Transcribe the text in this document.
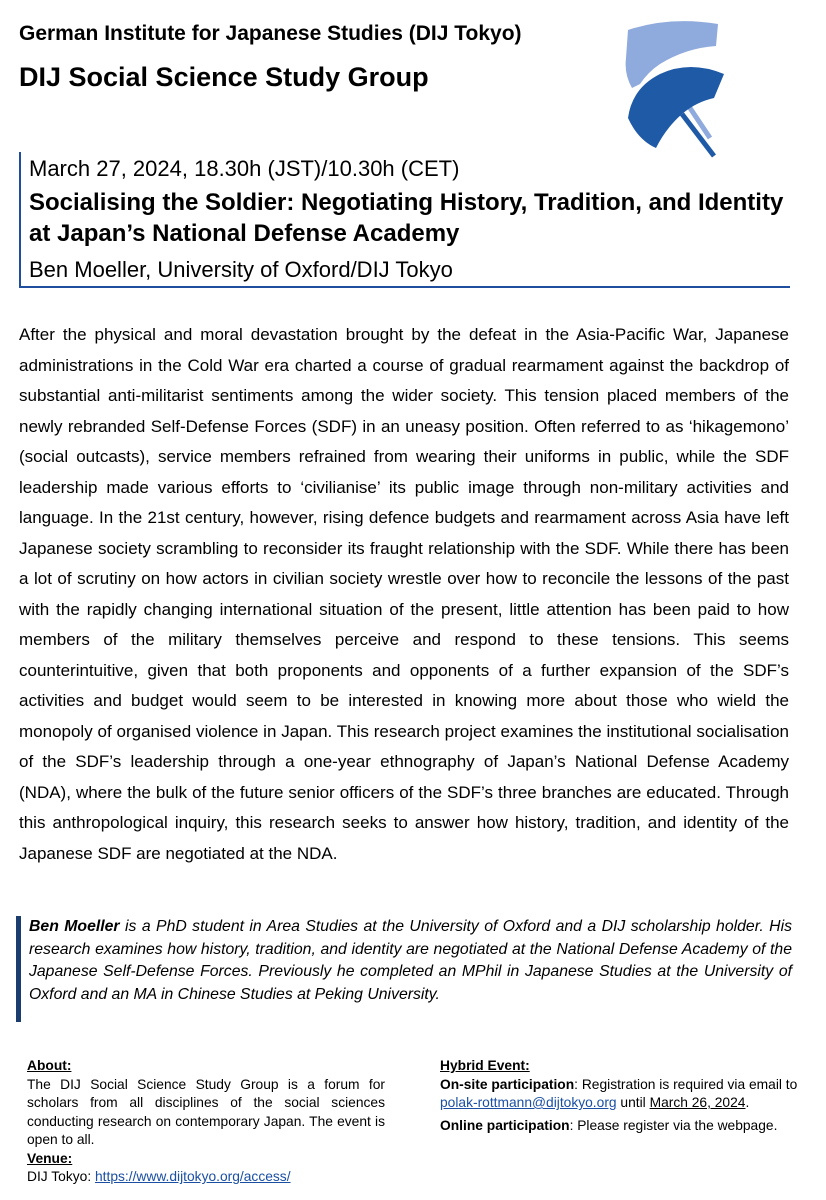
German Institute for Japanese Studies (DIJ Tokyo)
DIJ Social Science Study Group
March 27, 2024, 18.30h (JST)/10.30h (CET)
Socialising the Soldier: Negotiating History, Tradition, and Identity at Japan’s National Defense Academy
Ben Moeller, University of Oxford/DIJ Tokyo
After the physical and moral devastation brought by the defeat in the Asia-Pacific War, Japanese administrations in the Cold War era charted a course of gradual rearmament against the backdrop of substantial anti-militarist sentiments among the wider society. This tension placed members of the newly rebranded Self-Defense Forces (SDF) in an uneasy position. Often referred to as ‘hikagemono’ (social outcasts), service members refrained from wearing their uniforms in public, while the SDF leadership made various efforts to ‘civilianise’ its public image through non-military activities and language. In the 21st century, however, rising defence budgets and rearmament across Asia have left Japanese society scrambling to reconsider its fraught relationship with the SDF. While there has been a lot of scrutiny on how actors in civilian society wrestle over how to reconcile the lessons of the past with the rapidly changing international situation of the present, little attention has been paid to how members of the military themselves perceive and respond to these tensions. This seems counterintuitive, given that both proponents and opponents of a further expansion of the SDF’s activities and budget would seem to be interested in knowing more about those who wield the monopoly of organised violence in Japan. This research project examines the institutional socialisation of the SDF’s leadership through a one-year ethnography of Japan’s National Defense Academy (NDA), where the bulk of the future senior officers of the SDF’s three branches are educated. Through this anthropological inquiry, this research seeks to answer how history, tradition, and identity of the Japanese SDF are negotiated at the NDA.
Ben Moeller is a PhD student in Area Studies at the University of Oxford and a DIJ scholarship holder. His research examines how history, tradition, and identity are negotiated at the National Defense Academy of the Japanese Self-Defense Forces. Previously he completed an MPhil in Japanese Studies at the University of Oxford and an MA in Chinese Studies at Peking University.
About:
The DIJ Social Science Study Group is a forum for scholars from all disciplines of the social sciences conducting research on contemporary Japan. The event is open to all.
Venue:
DIJ Tokyo: https://www.dijtokyo.org/access/
Hybrid Event:
On-site participation: Registration is required via email to polak-rottmann@dijtokyo.org until March 26, 2024.
Online participation: Please register via the webpage.
